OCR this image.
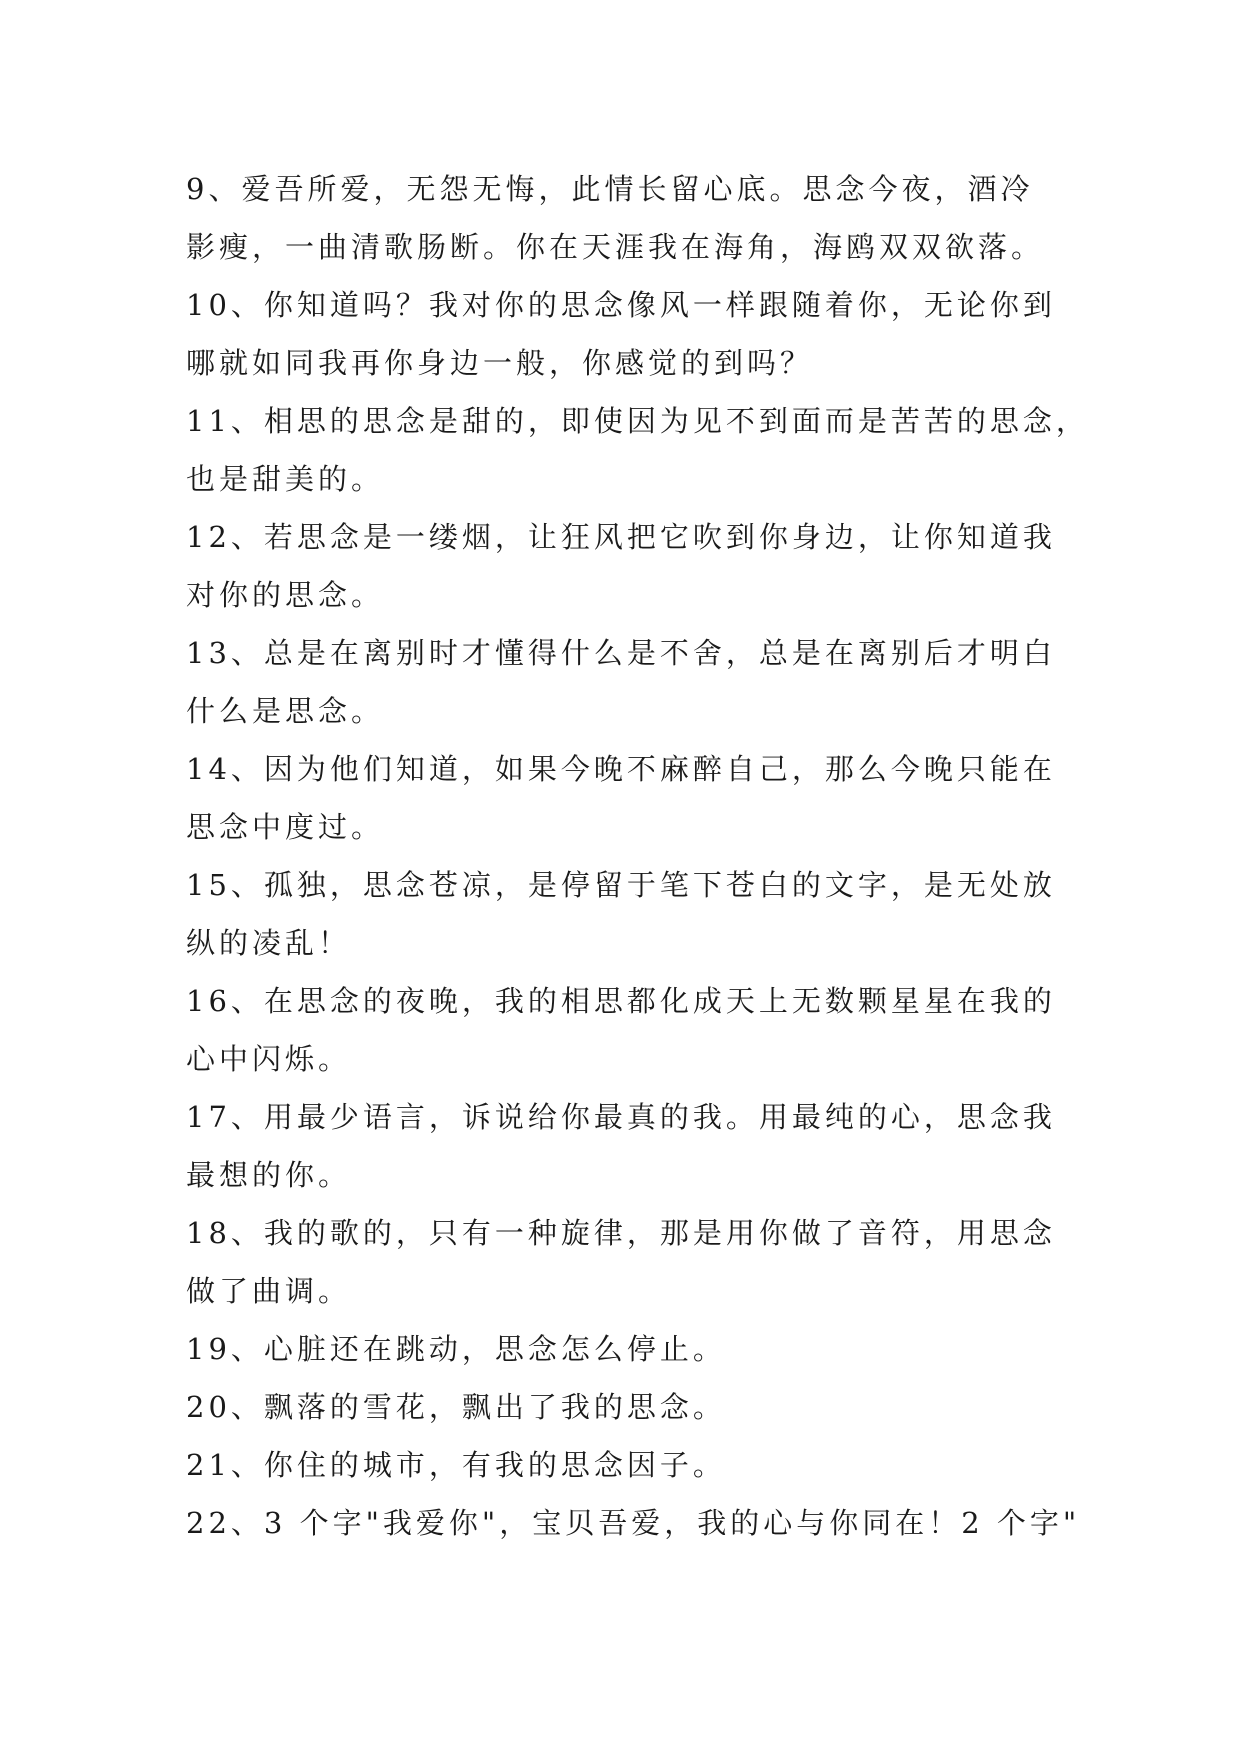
9、爱吾所爱，无怨无悔，此情长留心底。思念今夜，酒冷
影瘦，一曲清歌肠断。你在天涯我在海角，海鸥双双欲落。
10、你知道吗？我对你的思念像风一样跟随着你，无论你到
哪就如同我再你身边一般，你感觉的到吗？
11、相思的思念是甜的，即使因为见不到面而是苦苦的思念，
也是甜美的。
12、若思念是一缕烟，让狂风把它吹到你身边，让你知道我
对你的思念。
13、总是在离别时才懂得什么是不舍，总是在离别后才明白
什么是思念。
14、因为他们知道，如果今晚不麻醉自己，那么今晚只能在
思念中度过。
15、孤独，思念苍凉，是停留于笔下苍白的文字，是无处放
纵的凌乱！
16、在思念的夜晚，我的相思都化成天上无数颗星星在我的
心中闪烁。
17、用最少语言，诉说给你最真的我。用最纯的心，思念我
最想的你。
18、我的歌的，只有一种旋律，那是用你做了音符，用思念
做了曲调。
19、心脏还在跳动，思念怎么停止。
20、飘落的雪花，飘出了我的思念。
21、你住的城市，有我的思念因子。
22、3 个字"我爱你"，宝贝吾爱，我的心与你同在！2 个字"
